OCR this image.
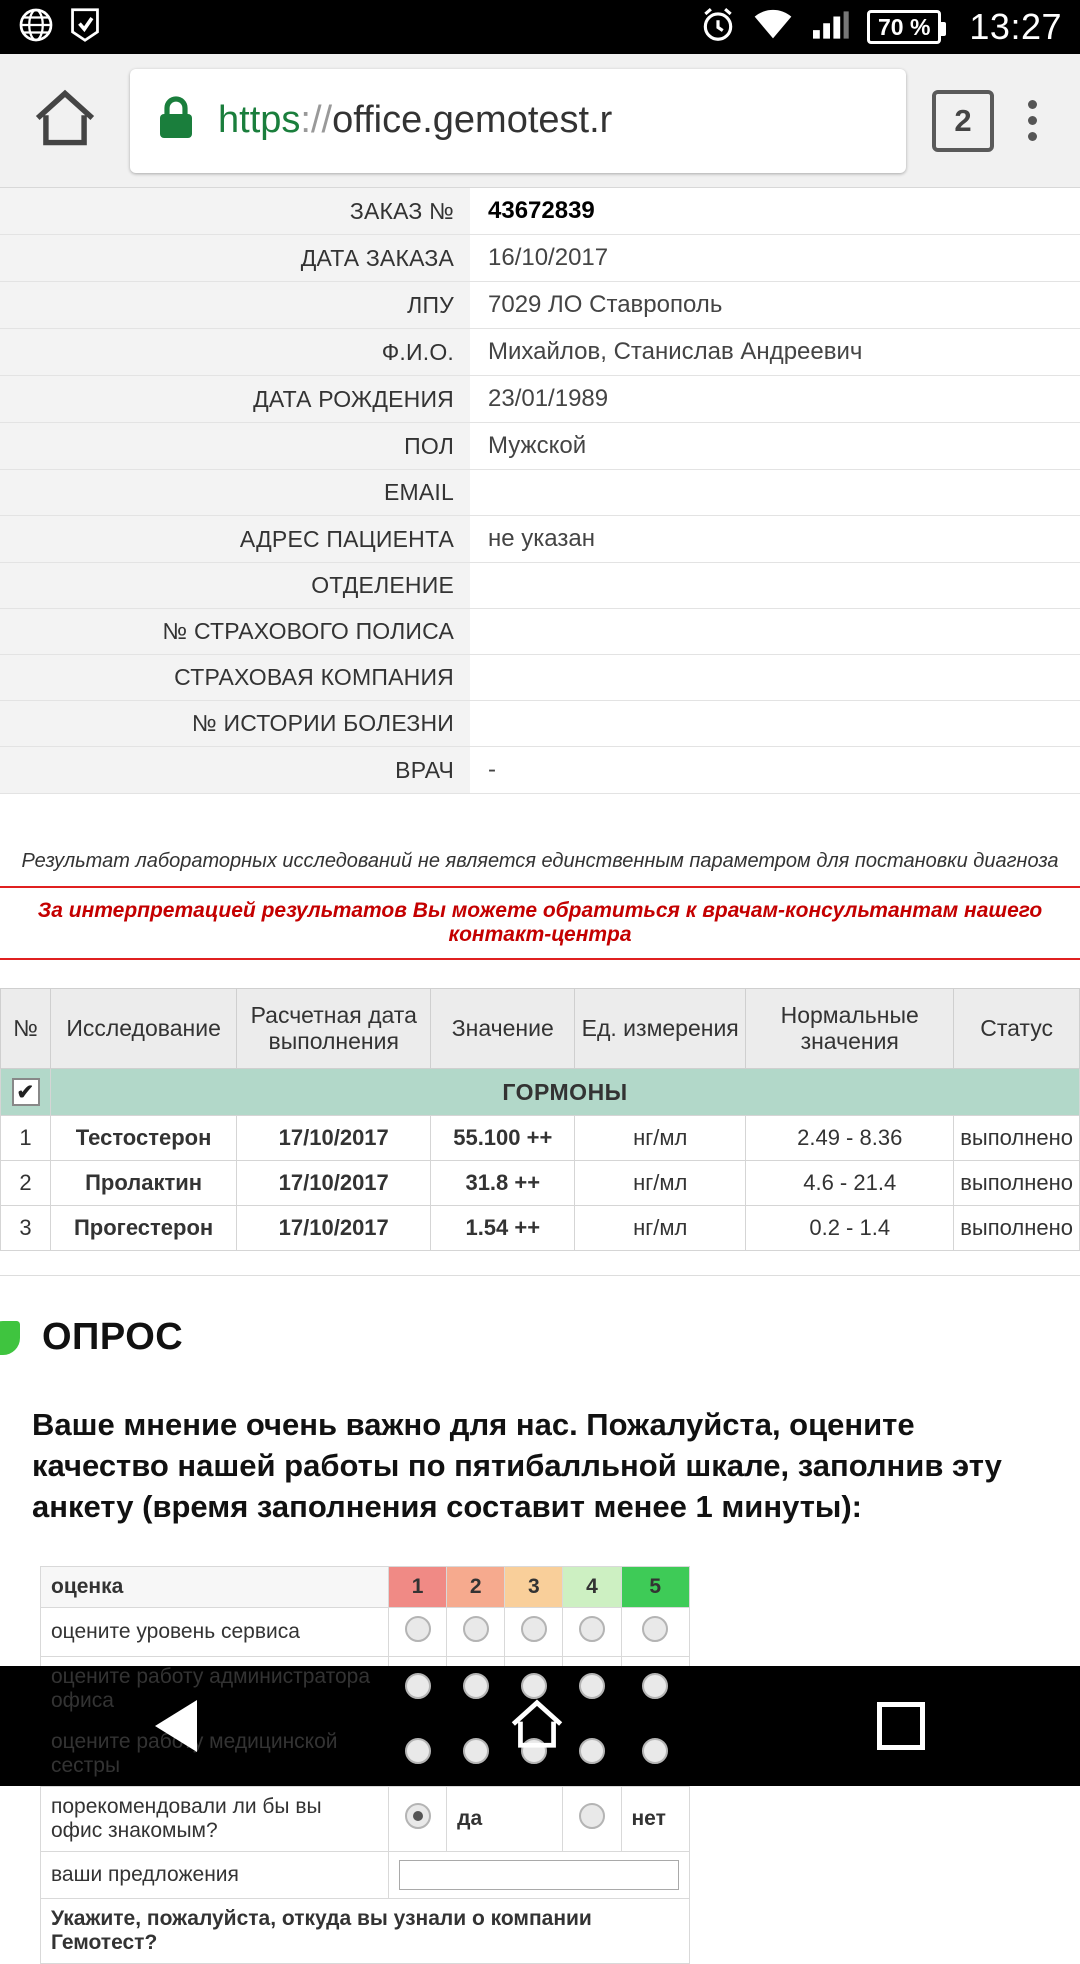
70 % 13:27
https://office.gemotest.r	2
ЗАКАЗ №	43672839
ДАТА ЗАКАЗА	16/10/2017
ЛПУ	7029 ЛО Ставрополь
Ф.И.О.	Михайлов, Станислав Андреевич
ДАТА РОЖДЕНИЯ	23/01/1989
ПОЛ	Мужской
EMAIL	
АДРЕС ПАЦИЕНТА	не указан
ОТДЕЛЕНИЕ	
№ СТРАХОВОГО ПОЛИСА	
СТРАХОВАЯ КОМПАНИЯ	
№ ИСТОРИИ БОЛЕЗНИ	
ВРАЧ	-
Результат лабораторных исследований не является единственным параметром для постановки диагноза
За интерпретацией результатов Вы можете обратиться к врачам-консультантам нашего контакт-центра
№	Исследование	Расчетная дата выполнения	Значение	Ед. измерения	Нормальные значения	Статус
✔	ГОРМОНЫ					
1	Тестостерон	17/10/2017	55.100 ++	нг/мл	2.49 - 8.36	выполнено
2	Пролактин	17/10/2017	31.8 ++	нг/мл	4.6 - 21.4	выполнено
3	Прогестерон	17/10/2017	1.54 ++	нг/мл	0.2 - 1.4	выполнено
ОПРОС
Ваше мнение очень важно для нас. Пожалуйста, оцените качество нашей работы по пятибалльной шкале, заполнив эту анкету (время заполнения составит менее 1 минуты):
оценка	1	2	3	4	5
оцените уровень сервиса					
оцените работу администратора офиса					
оцените работу медицинской сестры					
порекомендовали ли бы вы офис знакомым?		да			нет
ваши предложения	
Укажите, пожалуйста, откуда вы узнали о компании Гемотест?					
